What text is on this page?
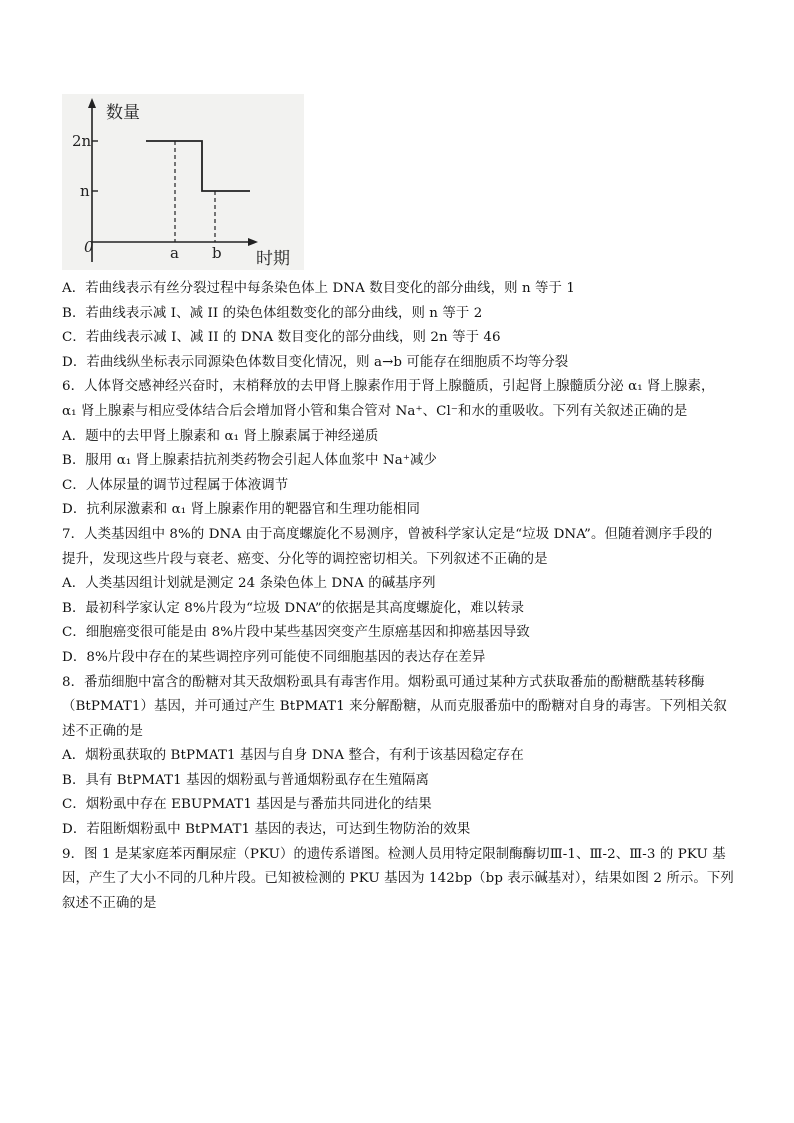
数量
时期
0
2n
n
a b
A．若曲线表示有丝分裂过程中每条染色体上 DNA 数目变化的部分曲线，则 n 等于 1
B．若曲线表示减 I、减 II 的染色体组数变化的部分曲线，则 n 等于 2
C．若曲线表示减 I、减 II 的 DNA 数目变化的部分曲线，则 2n 等于 46
D．若曲线纵坐标表示同源染色体数目变化情况，则 a→b 可能存在细胞质不均等分裂
6．人体肾交感神经兴奋时，末梢释放的去甲肾上腺素作用于肾上腺髓质，引起肾上腺髓质分泌 α₁ 肾上腺素，
α₁ 肾上腺素与相应受体结合后会增加肾小管和集合管对 Na⁺、Cl⁻和水的重吸收。下列有关叙述正确的是
A．题中的去甲肾上腺素和 α₁ 肾上腺素属于神经递质
B．服用 α₁ 肾上腺素拮抗剂类药物会引起人体血浆中 Na⁺减少
C．人体尿量的调节过程属于体液调节
D．抗利尿激素和 α₁ 肾上腺素作用的靶器官和生理功能相同
7．人类基因组中 8%的 DNA 由于高度螺旋化不易测序，曾被科学家认定是“垃圾 DNA”。但随着测序手段的
提升，发现这些片段与衰老、癌变、分化等的调控密切相关。下列叙述不正确的是
A．人类基因组计划就是测定 24 条染色体上 DNA 的碱基序列
B．最初科学家认定 8%片段为“垃圾 DNA”的依据是其高度螺旋化，难以转录
C．细胞癌变很可能是由 8%片段中某些基因突变产生原癌基因和抑癌基因导致
D．8%片段中存在的某些调控序列可能使不同细胞基因的表达存在差异
8．番茄细胞中富含的酚糖对其天敌烟粉虱具有毒害作用。烟粉虱可通过某种方式获取番茄的酚糖酰基转移酶
（BtPMAT1）基因，并可通过产生 BtPMAT1 来分解酚糖，从而克服番茄中的酚糖对自身的毒害。下列相关叙
述不正确的是
A．烟粉虱获取的 BtPMAT1 基因与自身 DNA 整合，有利于该基因稳定存在
B．具有 BtPMAT1 基因的烟粉虱与普通烟粉虱存在生殖隔离
C．烟粉虱中存在 EBUPMAT1 基因是与番茄共同进化的结果
D．若阻断烟粉虱中 BtPMAT1 基因的表达，可达到生物防治的效果
9．图 1 是某家庭苯丙酮尿症（PKU）的遗传系谱图。检测人员用特定限制酶酶切Ⅲ-1、Ⅲ-2、Ⅲ-3 的 PKU 基
因，产生了大小不同的几种片段。已知被检测的 PKU 基因为 142bp（bp 表示碱基对），结果如图 2 所示。下列
叙述不正确的是
